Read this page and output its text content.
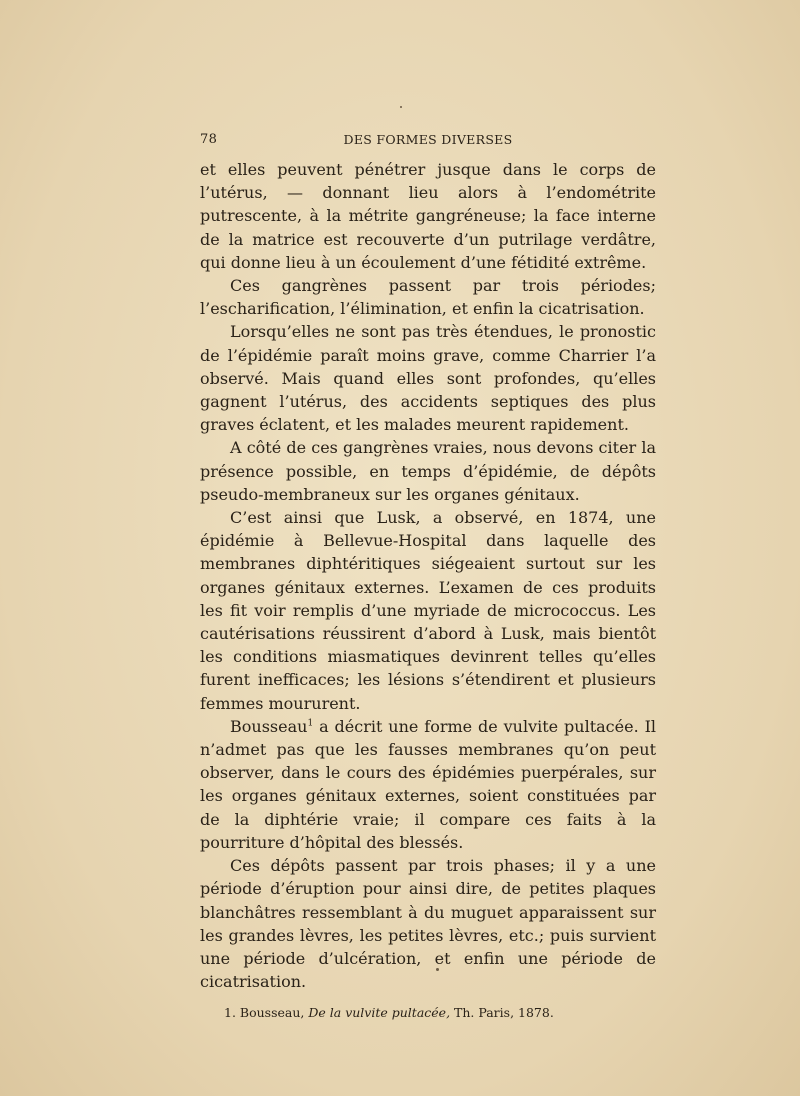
78	DES FORMES DIVERSES

et elles peuvent pénétrer jusque dans le corps de l’utérus, — donnant lieu alors à l’endométrite putrescente, à la métrite gangréneuse; la face interne de la matrice est recouverte d’un putrilage verdâtre, qui donne lieu à un écoulement d’une fétidité extrême.

Ces gangrènes passent par trois périodes; l’escharification, l’élimination, et enfin la cicatrisation.

Lorsqu’elles ne sont pas très étendues, le pronostic de l’épidémie paraît moins grave, comme Charrier l’a observé. Mais quand elles sont profondes, qu’elles gagnent l’utérus, des accidents septiques des plus graves éclatent, et les malades meurent rapidement.

A côté de ces gangrènes vraies, nous devons citer la présence possible, en temps d’épidémie, de dépôts pseudo-membraneux sur les organes génitaux.

C’est ainsi que Lusk, a observé, en 1874, une épidémie à Bellevue-Hospital dans laquelle des membranes diphtéritiques siégeaient surtout sur les organes génitaux externes. L’examen de ces produits les fit voir remplis d’une myriade de micrococcus. Les cautérisations réussirent d’abord à Lusk, mais bientôt les conditions miasmatiques devinrent telles qu’elles furent inefficaces; les lésions s’étendirent et plusieurs femmes moururent.

Bousseau$^1$ a décrit une forme de vulvite pultacée. Il n’admet pas que les fausses membranes qu’on peut observer, dans le cours des épidémies puerpérales, sur les organes génitaux externes, soient constituées par de la diphtérie vraie; il compare ces faits à la pourriture d’hôpital des blessés.

Ces dépôts passent par trois phases; il y a une période d’éruption pour ainsi dire, de petites plaques blanchâtres ressemblant à du muguet apparaissent sur les grandes lèvres, les petites lèvres, etc.; puis survient une période d’ulcération, et enfin une période de cicatrisation.

1. Bousseau, De la vulvite pultacée, Th. Paris, 1878.
